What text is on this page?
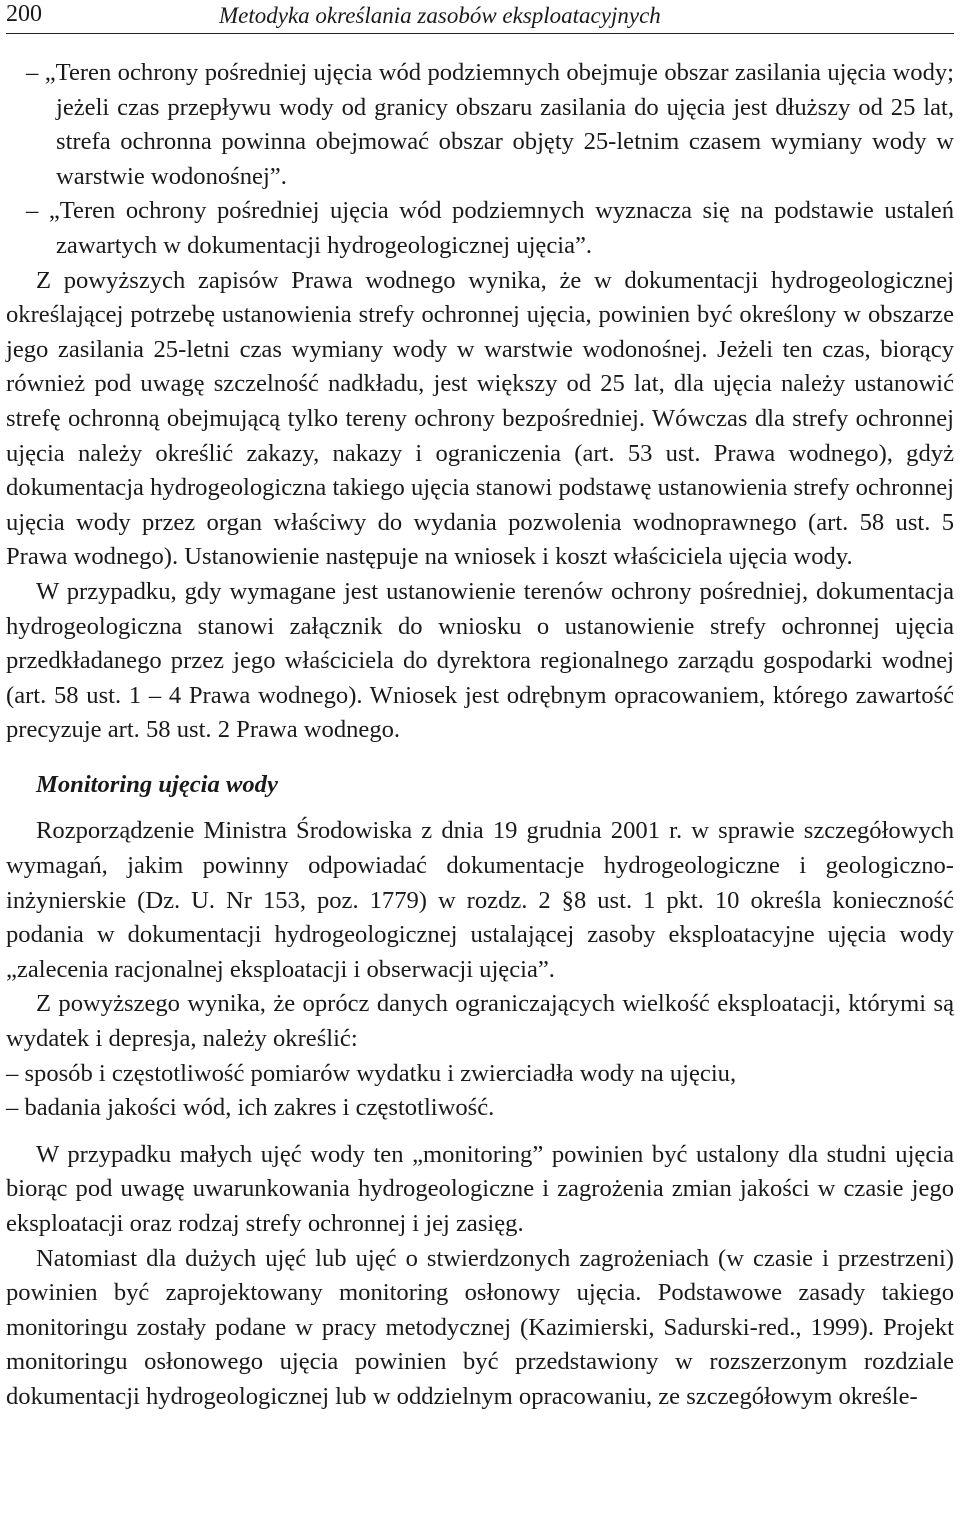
200	Metodyka określania zasobów eksploatacyjnych

– „Teren ochrony pośredniej ujęcia wód podziemnych obejmuje obszar zasilania ujęcia wody; jeżeli czas przepływu wody od granicy obszaru zasilania do ujęcia jest dłuższy od 25 lat, strefa ochronna powinna obejmować obszar objęty 25-letnim czasem wymiany wody w warstwie wodonośnej”.

– „Teren ochrony pośredniej ujęcia wód podziemnych wyznacza się na podstawie ustaleń zawartych w dokumentacji hydrogeologicznej ujęcia”.

Z powyższych zapisów Prawa wodnego wynika, że w dokumentacji hydrogeologicznej określającej potrzebę ustanowienia strefy ochronnej ujęcia, powinien być określony w obszarze jego zasilania 25-letni czas wymiany wody w warstwie wodonośnej. Jeżeli ten czas, biorący również pod uwagę szczelność nadkładu, jest większy od 25 lat, dla ujęcia należy ustanowić strefę ochronną obejmującą tylko tereny ochrony bezpośredniej. Wówczas dla strefy ochronnej ujęcia należy określić zakazy, nakazy i ograniczenia (art. 53 ust. Prawa wodnego), gdyż dokumentacja hydrogeologiczna takiego ujęcia stanowi podstawę ustanowienia strefy ochronnej ujęcia wody przez organ właściwy do wydania pozwolenia wodnoprawnego (art. 58 ust. 5 Prawa wodnego). Ustanowienie następuje na wniosek i koszt właściciela ujęcia wody.

W przypadku, gdy wymagane jest ustanowienie terenów ochrony pośredniej, dokumentacja hydrogeologiczna stanowi załącznik do wniosku o ustanowienie strefy ochronnej ujęcia przedkładanego przez jego właściciela do dyrektora regionalnego zarządu gospodarki wodnej (art. 58 ust. 1 – 4 Prawa wodnego). Wniosek jest odrębnym opracowaniem, którego zawartość precyzuje art. 58 ust. 2 Prawa wodnego.

Monitoring ujęcia wody

Rozporządzenie Ministra Środowiska z dnia 19 grudnia 2001 r. w sprawie szczegółowych wymagań, jakim powinny odpowiadać dokumentacje hydrogeologiczne i geologiczno-inżynierskie (Dz. U. Nr 153, poz. 1779) w rozdz. 2 §8 ust. 1 pkt. 10 określa konieczność podania w dokumentacji hydrogeologicznej ustalającej zasoby eksploatacyjne ujęcia wody „zalecenia racjonalnej eksploatacji i obserwacji ujęcia”.

Z powyższego wynika, że oprócz danych ograniczających wielkość eksploatacji, którymi są wydatek i depresja, należy określić:

– sposób i częstotliwość pomiarów wydatku i zwierciadła wody na ujęciu,

– badania jakości wód, ich zakres i częstotliwość.

W przypadku małych ujęć wody ten „monitoring” powinien być ustalony dla studni ujęcia biorąc pod uwagę uwarunkowania hydrogeologiczne i zagrożenia zmian jakości w czasie jego eksploatacji oraz rodzaj strefy ochronnej i jej zasięg.

Natomiast dla dużych ujęć lub ujęć o stwierdzonych zagrożeniach (w czasie i przestrzeni) powinien być zaprojektowany monitoring osłonowy ujęcia. Podstawowe zasady takiego monitoringu zostały podane w pracy metodycznej (Kazimierski, Sadurski-red., 1999). Projekt monitoringu osłonowego ujęcia powinien być przedstawiony w rozszerzonym rozdziale dokumentacji hydrogeologicznej lub w oddzielnym opracowaniu, ze szczegółowym określe-
